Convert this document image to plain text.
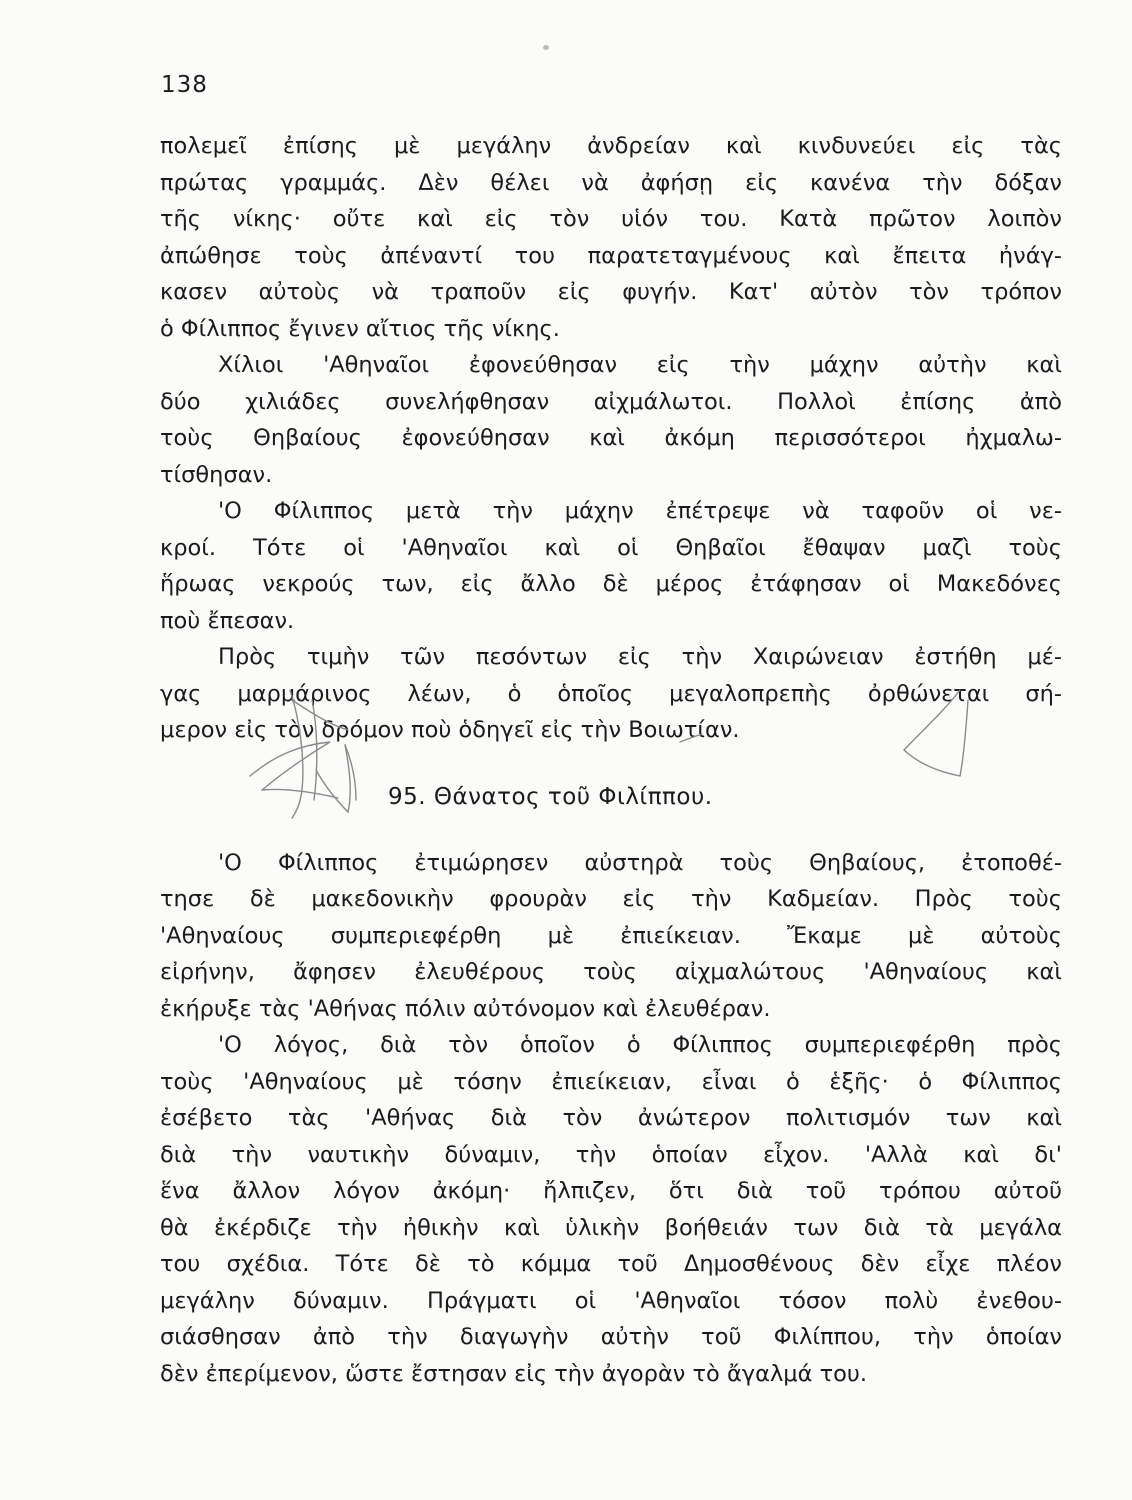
138
πολεμεῖ ἐπίσης μὲ μεγάλην ἀνδρείαν καὶ κινδυνεύει εἰς τὰς
πρώτας γραμμάς. Δὲν θέλει νὰ ἀφήσῃ εἰς κανένα τὴν δόξαν
τῆς νίκης· οὔτε καὶ εἰς τὸν υἱόν του. Κατὰ πρῶτον λοιπὸν
ἀπώθησε τοὺς ἀπέναντί του παρατεταγμένους καὶ ἔπειτα ἠνάγ-
κασεν αὐτοὺς νὰ τραποῦν εἰς φυγήν. Κατ' αὐτὸν τὸν τρόπον
ὁ Φίλιππος ἔγινεν αἴτιος τῆς νίκης.
Χίλιοι 'Αθηναῖοι ἐφονεύθησαν εἰς τὴν μάχην αὐτὴν καὶ
δύο χιλιάδες συνελήφθησαν αἰχμάλωτοι. Πολλοὶ ἐπίσης ἀπὸ
τοὺς Θηβαίους ἐφονεύθησαν καὶ ἀκόμη περισσότεροι ἠχμαλω-
τίσθησαν.
'Ο Φίλιππος μετὰ τὴν μάχην ἐπέτρεψε νὰ ταφοῦν οἱ νε-
κροί. Τότε οἱ 'Αθηναῖοι καὶ οἱ Θηβαῖοι ἔθαψαν μαζὶ τοὺς
ἥρωας νεκρούς των, εἰς ἄλλο δὲ μέρος ἐτάφησαν οἱ Μακεδόνες
ποὺ ἔπεσαν.
Πρὸς τιμὴν τῶν πεσόντων εἰς τὴν Χαιρώνειαν ἐστήθη μέ-
γας μαρμάρινος λέων, ὁ ὁποῖος μεγαλοπρεπὴς ὀρθώνεται σή-
μερον εἰς τὸν δρόμον ποὺ ὁδηγεῖ εἰς τὴν Βοιωτίαν.
95. Θάνατος τοῦ Φιλίππου.
'Ο Φίλιππος ἐτιμώρησεν αὐστηρὰ τοὺς Θηβαίους, ἐτοποθέ-
τησε δὲ μακεδονικὴν φρουρὰν εἰς τὴν Καδμείαν. Πρὸς τοὺς
'Αθηναίους συμπεριεφέρθη μὲ ἐπιείκειαν. Ἔκαμε μὲ αὐτοὺς
εἰρήνην, ἄφησεν ἐλευθέρους τοὺς αἰχμαλώτους 'Αθηναίους καὶ
ἐκήρυξε τὰς 'Αθήνας πόλιν αὐτόνομον καὶ ἐλευθέραν.
'Ο λόγος, διὰ τὸν ὁποῖον ὁ Φίλιππος συμπεριεφέρθη πρὸς
τοὺς 'Αθηναίους μὲ τόσην ἐπιείκειαν, εἶναι ὁ ἑξῆς· ὁ Φίλιππος
ἐσέβετο τὰς 'Αθήνας διὰ τὸν ἀνώτερον πολιτισμόν των καὶ
διὰ τὴν ναυτικὴν δύναμιν, τὴν ὁποίαν εἶχον. 'Αλλὰ καὶ δι'
ἕνα ἄλλον λόγον ἀκόμη· ἤλπιζεν, ὅτι διὰ τοῦ τρόπου αὐτοῦ
θὰ ἐκέρδιζε τὴν ἠθικὴν καὶ ὑλικὴν βοήθειάν των διὰ τὰ μεγάλα
του σχέδια. Τότε δὲ τὸ κόμμα τοῦ Δημοσθένους δὲν εἶχε πλέον
μεγάλην δύναμιν. Πράγματι οἱ 'Αθηναῖοι τόσον πολὺ ἐνεθου-
σιάσθησαν ἀπὸ τὴν διαγωγὴν αὐτὴν τοῦ Φιλίππου, τὴν ὁποίαν
δὲν ἐπερίμενον, ὥστε ἔστησαν εἰς τὴν ἀγορὰν τὸ ἄγαλμά του.
